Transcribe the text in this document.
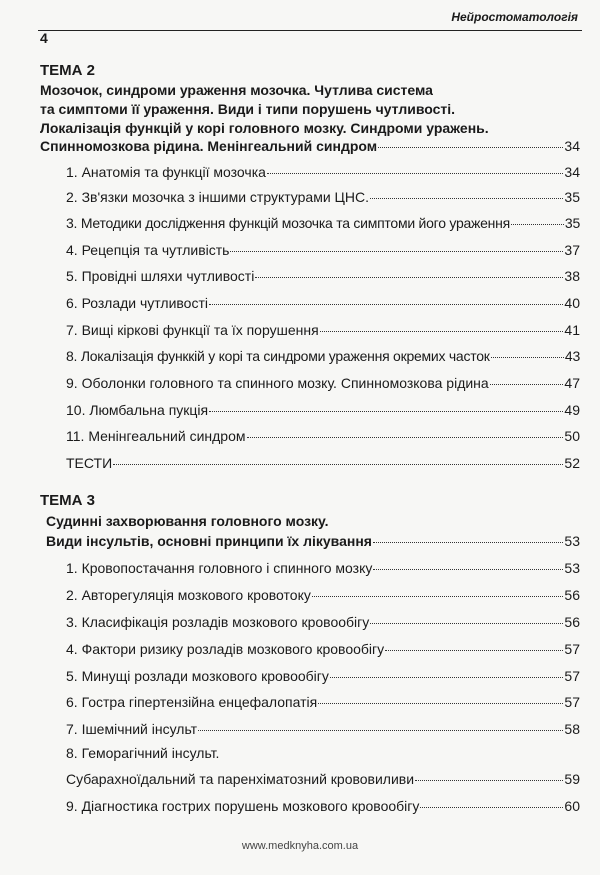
Нейростоматологія
4
ТЕМА 2
Мозочок, синдроми ураження мозочка. Чутлива система
та симптоми її ураження. Види і типи порушень чутливості.
Локалізація функцій у корі головного мозку. Синдроми уражень.
Спинномозкова рідина. Менінгеальний синдром	34
1. Анатомія та функції мозочка	34
2. Зв'язки мозочка з іншими структурами ЦНС.	35
3. Методики дослідження функцій мозочка та симптоми його ураження	35
4. Рецепція та чутливість	37
5. Провідні шляхи чутливості	38
6. Розлади чутливості	40
7. Вищі кіркові функції та їх порушення	41
8. Локалізація функкій у корі та синдроми ураження окремих часток	43
9. Оболонки головного та спинного мозку. Спинномозкова рідина	47
10. Люмбальна пукція	49
11. Менінгеальний синдром	50
ТЕСТИ	52
ТЕМА 3
Судинні захворювання головного мозку.
Види інсультів, основні принципи їх лікування	53
1. Кровопостачання головного і спинного мозку	53
2. Авторегуляція мозкового кровотоку	56
3. Класифікація розладів мозкового кровообігу	56
4. Фактори ризику розладів мозкового кровообігу	57
5. Минущі розлади мозкового кровообігу	57
6. Гостра гіпертензійна енцефалопатія	57
7. Ішемічний інсульт	58
8. Геморагічний інсульт.
Субарахноїдальний та паренхіматозний крововиливи	59
9. Діагностика гострих порушень мозкового кровообігу	60
www.medknyha.com.ua
